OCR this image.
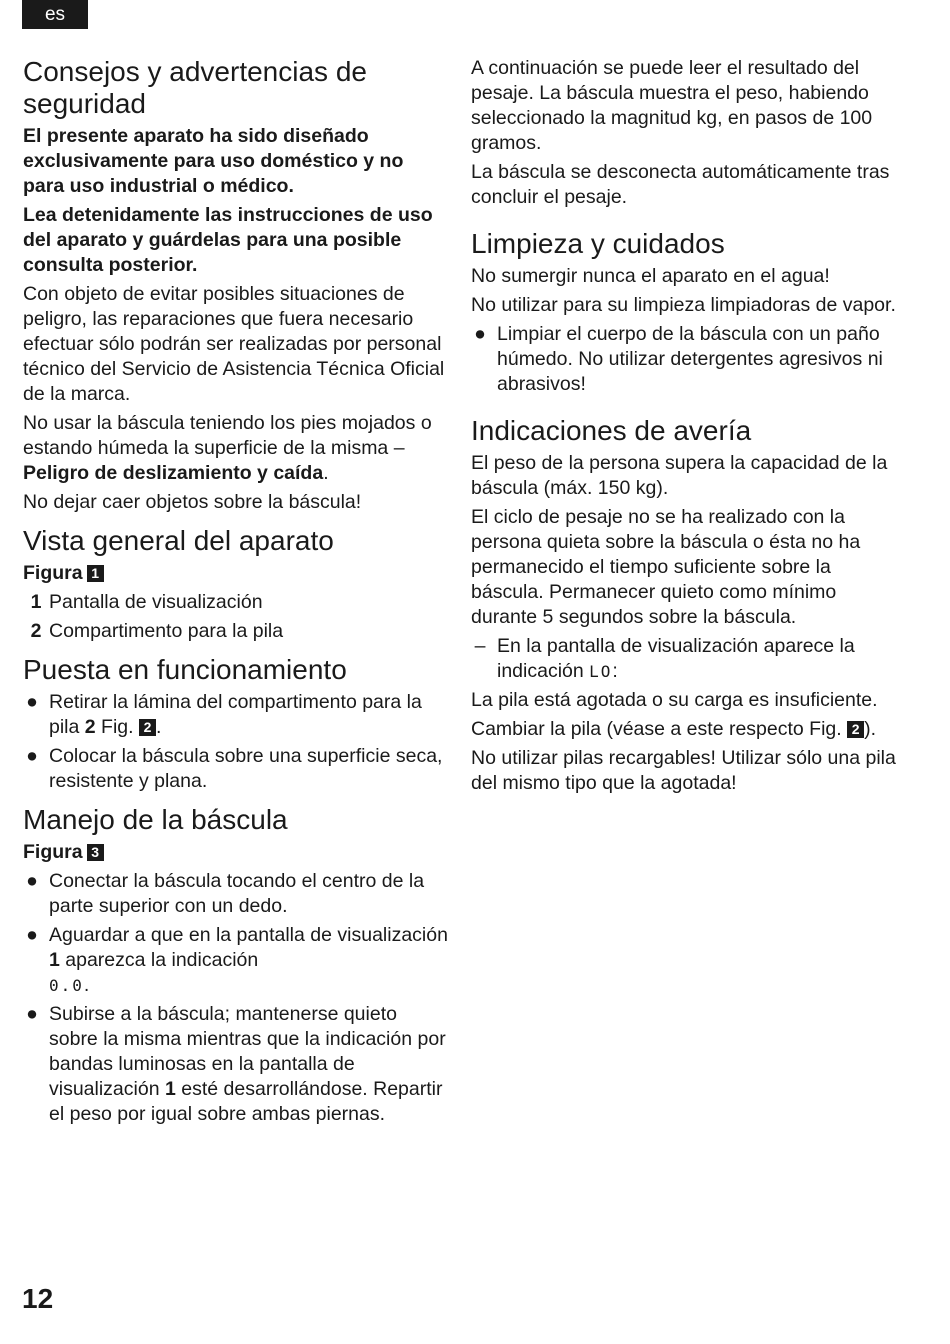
es
Consejos y advertencias de seguridad

El presente aparato ha sido diseñado exclusivamente para uso doméstico y no para uso industrial o médico.

Lea detenidamente las instrucciones de uso del aparato y guárdelas para una posible consulta posterior.

Con objeto de evitar posibles situaciones de peligro, las reparaciones que fuera necesario efectuar sólo podrán ser realizadas por personal técnico del Servicio de Asistencia Técnica Oficial de la marca.

No usar la báscula teniendo los pies mojados o estando húmeda la superficie de la misma – Peligro de deslizamiento y caída.

No dejar caer objetos sobre la báscula!

Vista general del aparato
Figura 1
1 Pantalla de visualización
2 Compartimento para la pila
Puesta en funcionamiento
● Retirar la lámina del compartimento para la pila 2 Fig. 2 .
● Colocar la báscula sobre una superficie seca, resistente y plana.
Manejo de la báscula
Figura 3
● Conectar la báscula tocando el centro de la parte superior con un dedo.
● Aguardar a que en la pantalla de visualización 1 aparezca la indicación
0.0.
● Subirse a la báscula; mantenerse quieto sobre la misma mientras que la indicación por bandas luminosas en la pantalla de visualización 1 esté desarrollándose. Repartir el peso por igual sobre ambas piernas.

A continuación se puede leer el resultado del pesaje. La báscula muestra el peso, habiendo seleccionado la magnitud kg, en pasos de 100 gramos.

La báscula se desconecta automáticamente tras concluir el pesaje.

Limpieza y cuidados

No sumergir nunca el aparato en el agua!

No utilizar para su limpieza limpiadoras de vapor.

● Limpiar el cuerpo de la báscula con un paño húmedo. No utilizar detergentes agresivos ni abrasivos!
Indicaciones de avería

El peso de la persona supera la capacidad de la báscula (máx. 150 kg).

El ciclo de pesaje no se ha realizado con la persona quieta sobre la báscula o ésta no ha permanecido el tiempo suficiente sobre la báscula. Permanecer quieto como mínimo durante 5 segundos sobre la báscula.

– En la pantalla de visualización aparece la indicación LO:

La pila está agotada o su carga es insuficiente.

Cambiar la pila (véase a este respecto Fig. 2 ).

No utilizar pilas recargables! Utilizar sólo una pila del mismo tipo que la agotada!

12
